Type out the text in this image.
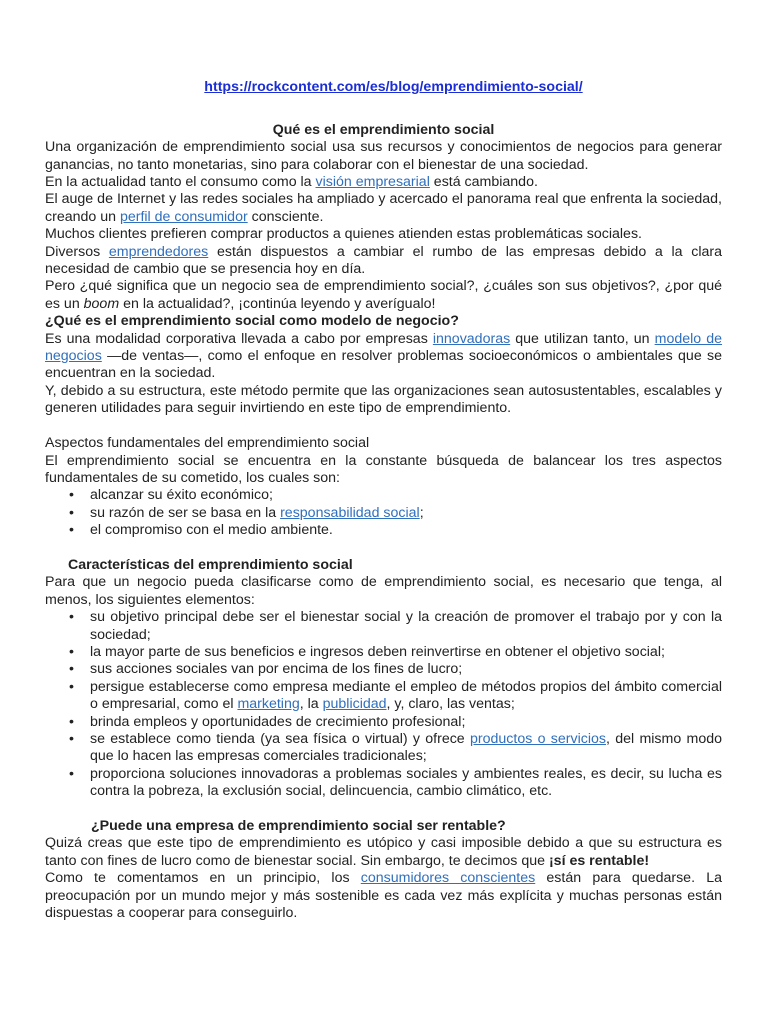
https://rockcontent.com/es/blog/emprendimiento-social/
Qué es el emprendimiento social

Una organización de emprendimiento social usa sus recursos y conocimientos de negocios para generar ganancias, no tanto monetarias, sino para colaborar con el bienestar de una sociedad.

En la actualidad tanto el consumo como la visión empresarial está cambiando.

El auge de Internet y las redes sociales ha ampliado y acercado el panorama real que enfrenta la sociedad, creando un perfil de consumidor consciente.

Muchos clientes prefieren comprar productos a quienes atienden estas problemáticas sociales.

Diversos emprendedores están dispuestos a cambiar el rumbo de las empresas debido a la clara necesidad de cambio que se presencia hoy en día.

Pero ¿qué significa que un negocio sea de emprendimiento social?, ¿cuáles son sus objetivos?, ¿por qué es un boom en la actualidad?, ¡continúa leyendo y averígualo!

¿Qué es el emprendimiento social como modelo de negocio?

Es una modalidad corporativa llevada a cabo por empresas innovadoras que utilizan tanto, un modelo de negocios —de ventas—, como el enfoque en resolver problemas socioeconómicos o ambientales que se encuentran en la sociedad.

Y, debido a su estructura, este método permite que las organizaciones sean autosustentables, escalables y generen utilidades para seguir invirtiendo en este tipo de emprendimiento.

Aspectos fundamentales del emprendimiento social

El emprendimiento social se encuentra en la constante búsqueda de balancear los tres aspectos fundamentales de su cometido, los cuales son:

• alcanzar su éxito económico;
• su razón de ser se basa en la responsabilidad social;
• el compromiso con el medio ambiente.
Características del emprendimiento social

Para que un negocio pueda clasificarse como de emprendimiento social, es necesario que tenga, al menos, los siguientes elementos:

• su objetivo principal debe ser el bienestar social y la creación de promover el trabajo por y con la sociedad;
• la mayor parte de sus beneficios e ingresos deben reinvertirse en obtener el objetivo social;
• sus acciones sociales van por encima de los fines de lucro;
• persigue establecerse como empresa mediante el empleo de métodos propios del ámbito comercial o empresarial, como el marketing, la publicidad, y, claro, las ventas;
• brinda empleos y oportunidades de crecimiento profesional;
• se establece como tienda (ya sea física o virtual) y ofrece productos o servicios, del mismo modo que lo hacen las empresas comerciales tradicionales;
• proporciona soluciones innovadoras a problemas sociales y ambientes reales, es decir, su lucha es contra la pobreza, la exclusión social, delincuencia, cambio climático, etc.
¿Puede una empresa de emprendimiento social ser rentable?

Quizá creas que este tipo de emprendimiento es utópico y casi imposible debido a que su estructura es tanto con fines de lucro como de bienestar social. Sin embargo, te decimos que ¡sí es rentable!

Como te comentamos en un principio, los consumidores conscientes están para quedarse. La preocupación por un mundo mejor y más sostenible es cada vez más explícita y muchas personas están dispuestas a cooperar para conseguirlo.
